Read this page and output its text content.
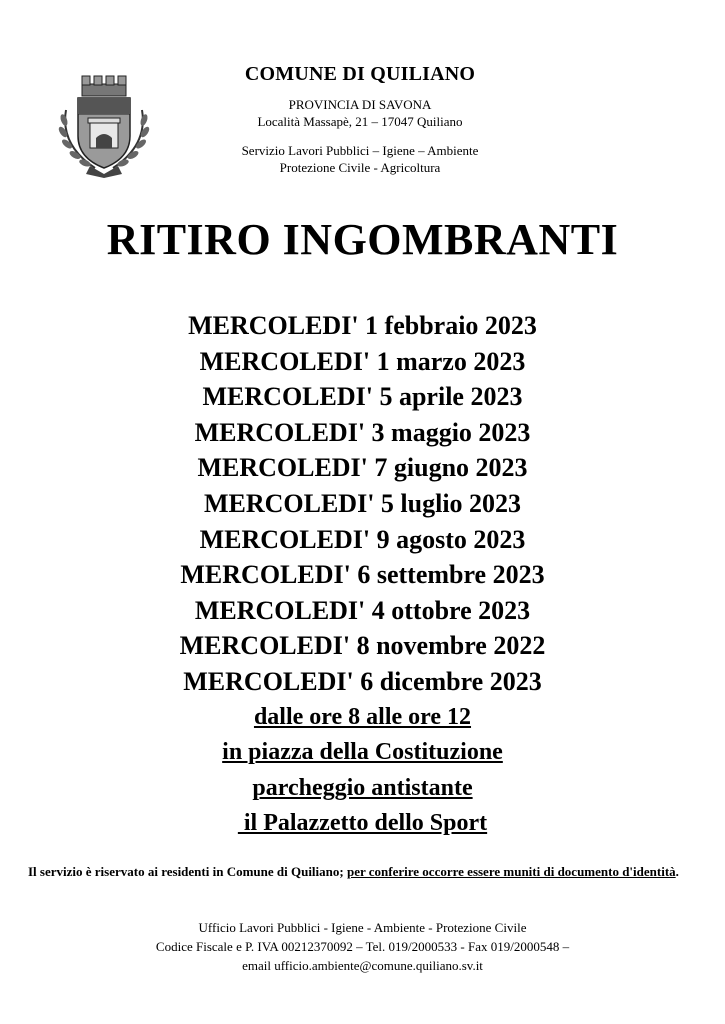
COMUNE DI QUILIANO
PROVINCIA DI SAVONA
Località Massapè, 21 – 17047 Quiliano
Servizio Lavori Pubblici – Igiene – Ambiente
Protezione Civile - Agricoltura
RITIRO INGOMBRANTI
MERCOLEDI' 1 febbraio 2023
MERCOLEDI' 1 marzo 2023
MERCOLEDI' 5 aprile 2023
MERCOLEDI' 3 maggio 2023
MERCOLEDI' 7 giugno 2023
MERCOLEDI' 5 luglio 2023
MERCOLEDI' 9 agosto 2023
MERCOLEDI' 6 settembre 2023
MERCOLEDI' 4 ottobre 2023
MERCOLEDI' 8 novembre 2022
MERCOLEDI' 6 dicembre 2023
dalle ore 8 alle ore 12
in piazza della Costituzione
parcheggio antistante
il Palazzetto dello Sport
Il servizio è riservato ai residenti in Comune di Quiliano; per conferire occorre essere muniti di documento d'identità.
Ufficio Lavori Pubblici - Igiene - Ambiente - Protezione Civile
Codice Fiscale e P. IVA 00212370092 – Tel. 019/2000533 - Fax 019/2000548 –
email ufficio.ambiente@comune.quiliano.sv.it
